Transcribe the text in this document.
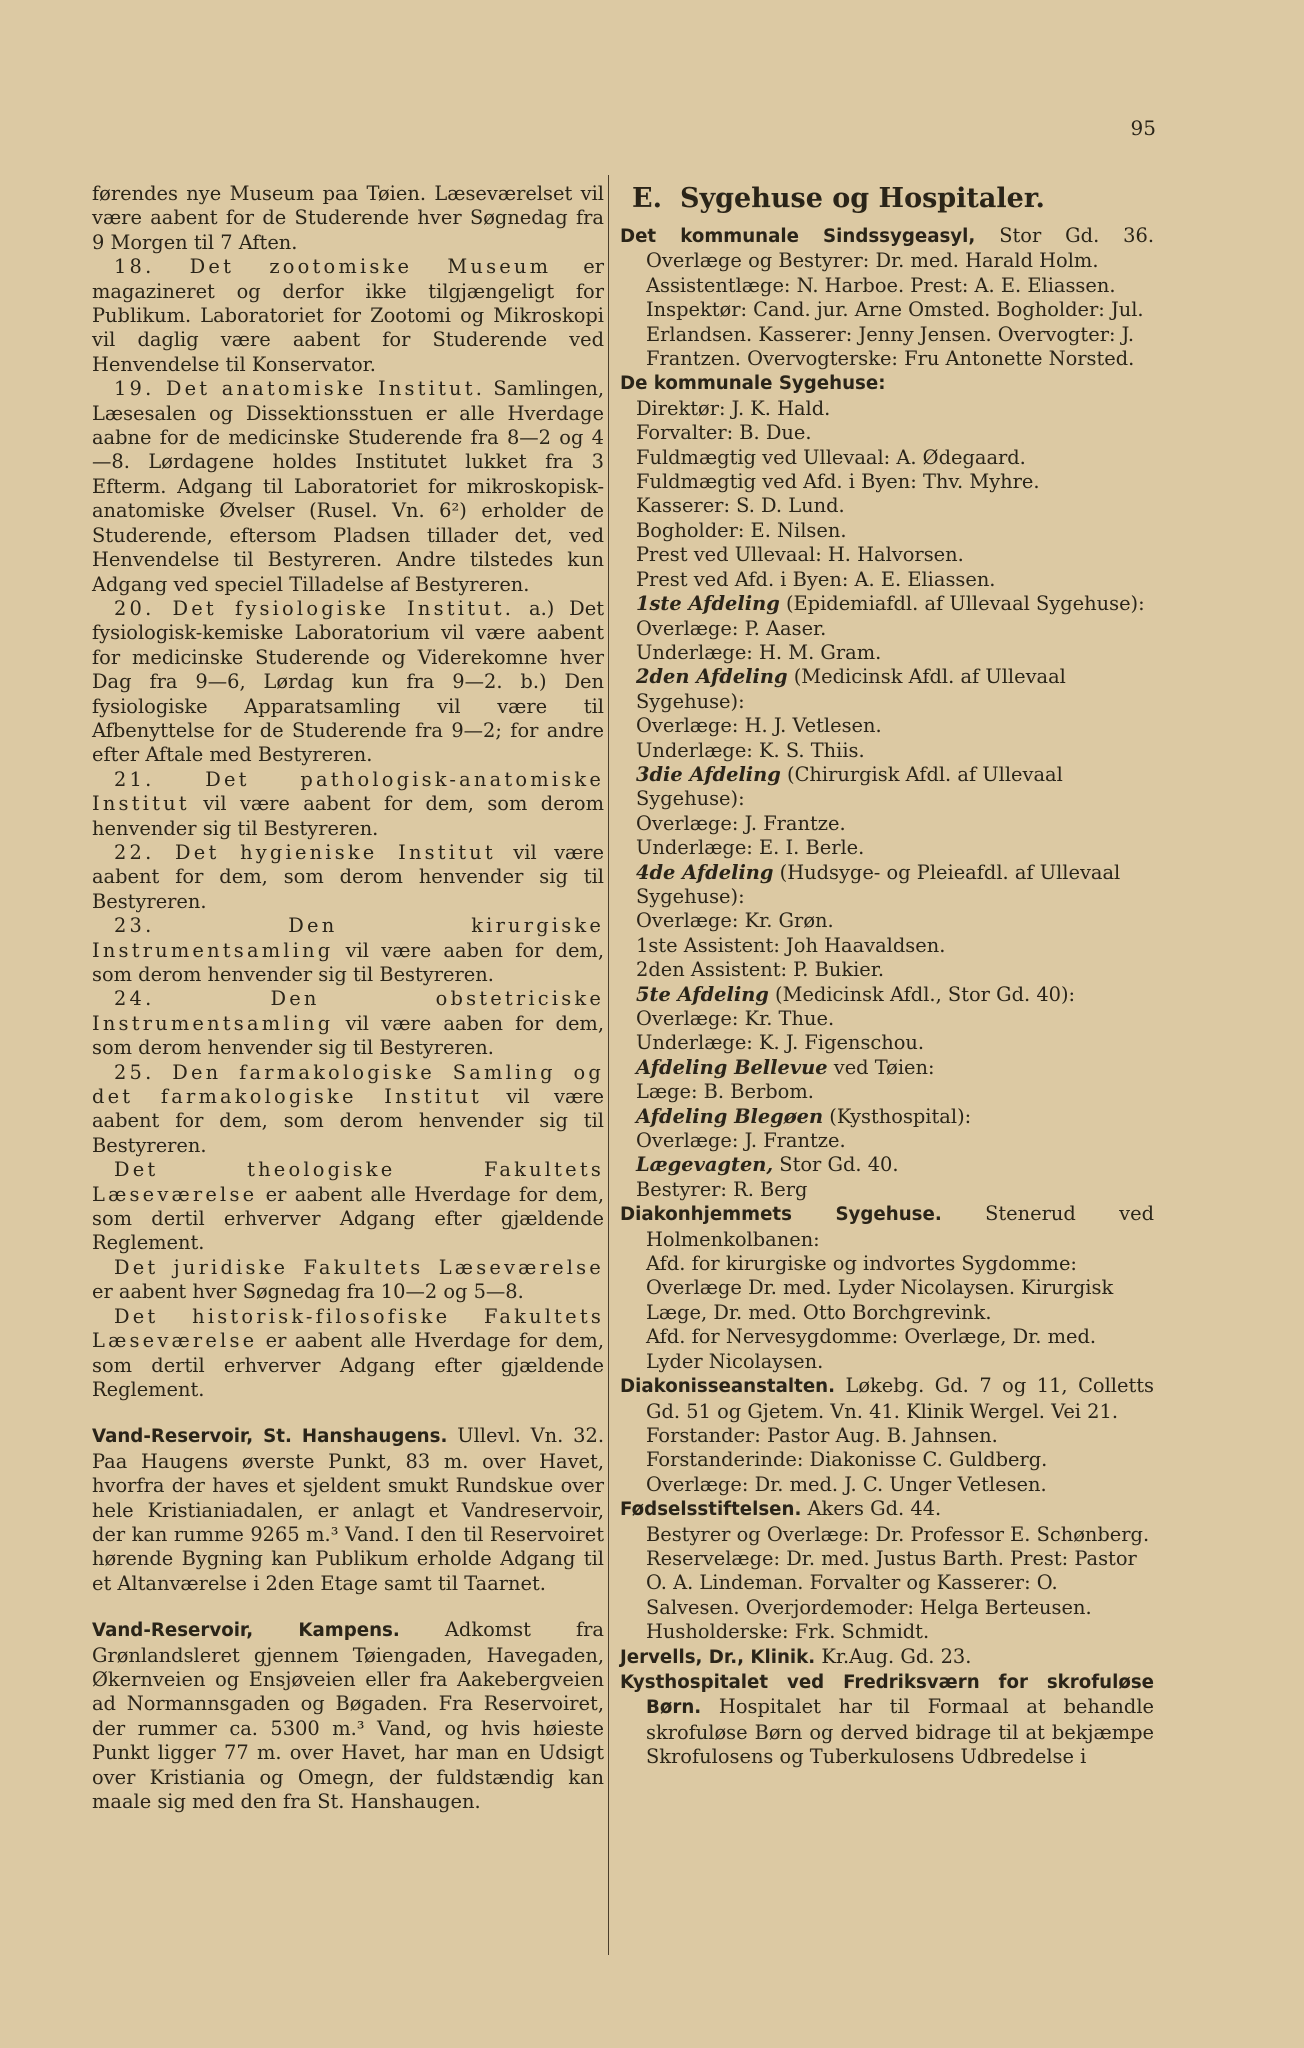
95

førendes nye Museum paa Tøien. Læseværelset vil være aabent for de Studerende hver Søgnedag fra 9 Morgen til 7 Aften.

18. Det zootomiske Museum er magazineret og derfor ikke tilgjængeligt for Publikum. Laboratoriet for Zootomi og Mikroskopi vil daglig være aabent for Studerende ved Henvendelse til Konservator.

19. Det anatomiske Institut. Samlingen, Læsesalen og Dissektionsstuen er alle Hverdage aabne for de medicinske Studerende fra 8—2 og 4—8. Lørdagene holdes Institutet lukket fra 3 Efterm. Adgang til Laboratoriet for mikroskopisk-anatomiske Øvelser (Rusel. Vn. 6²) erholder de Studerende, eftersom Pladsen tillader det, ved Henvendelse til Bestyreren. Andre tilstedes kun Adgang ved speciel Tilladelse af Bestyreren.

20. Det fysiologiske Institut. a.) Det fysiologisk-kemiske Laboratorium vil være aabent for medicinske Studerende og Viderekomne hver Dag fra 9—6, Lørdag kun fra 9—2. b.) Den fysiologiske Apparatsamling vil være til Afbenyttelse for de Studerende fra 9—2; for andre efter Aftale med Bestyreren.

21. Det pathologisk-anatomiske Institut vil være aabent for dem, som derom henvender sig til Bestyreren.

22. Det hygieniske Institut vil være aabent for dem, som derom henvender sig til Bestyreren.

23. Den kirurgiske Instrumentsamling vil være aaben for dem, som derom henvender sig til Bestyreren.

24. Den obstetriciske Instrumentsamling vil være aaben for dem, som derom henvender sig til Bestyreren.

25. Den farmakologiske Samling og det farmakologiske Institut vil være aabent for dem, som derom henvender sig til Bestyreren.

Det theologiske Fakultets Læseværelse er aabent alle Hverdage for dem, som dertil erhverver Adgang efter gjældende Reglement.

Det juridiske Fakultets Læseværelse er aabent hver Søgnedag fra 10—2 og 5—8.

Det historisk-filosofiske Fakultets Læseværelse er aabent alle Hverdage for dem, som dertil erhverver Adgang efter gjældende Reglement.

Vand-Reservoir, St. Hanshaugens. Ullevl. Vn. 32. Paa Haugens øverste Punkt, 83 m. over Havet, hvorfra der haves et sjeldent smukt Rundskue over hele Kristianiadalen, er anlagt et Vandreservoir, der kan rumme 9265 m.³ Vand. I den til Reservoiret hørende Bygning kan Publikum erholde Adgang til et Altanværelse i 2den Etage samt til Taarnet.

Vand-Reservoir, Kampens. Adkomst fra Grønlandsleret gjennem Tøiengaden, Havegaden, Økernveien og Ensjøveien eller fra Aakebergveien ad Normannsgaden og Bøgaden. Fra Reservoiret, der rummer ca. 5300 m.³ Vand, og hvis høieste Punkt ligger 77 m. over Havet, har man en Udsigt over Kristiania og Omegn, der fuldstændig kan maale sig med den fra St. Hanshaugen.

E. Sygehuse og Hospitaler.

Det kommunale Sindssygeasyl, Stor Gd. 36. Overlæge og Bestyrer: Dr. med. Harald Holm.

Assistentlæge: N. Harboe. Prest: A. E. Eliassen. Inspektør: Cand. jur. Arne Omsted. Bogholder: Jul. Erlandsen. Kasserer: Jenny Jensen. Overvogter: J. Frantzen. Overvogterske: Fru Antonette Norsted.

De kommunale Sygehuse:

Direktør: J. K. Hald.
Forvalter: B. Due.
Fuldmægtig ved Ullevaal: A. Ødegaard.
Fuldmægtig ved Afd. i Byen: Thv. Myhre.
Kasserer: S. D. Lund.
Bogholder: E. Nilsen.
Prest ved Ullevaal: H. Halvorsen.
Prest ved Afd. i Byen: A. E. Eliassen.

1ste Afdeling (Epidemiafdl. af Ullevaal Sygehuse):

Overlæge: P. Aaser.
Underlæge: H. M. Gram.

2den Afdeling (Medicinsk Afdl. af Ullevaal Sygehuse):

Overlæge: H. J. Vetlesen.
Underlæge: K. S. Thiis.

3die Afdeling (Chirurgisk Afdl. af Ullevaal Sygehuse):

Overlæge: J. Frantze.
Underlæge: E. I. Berle.

4de Afdeling (Hudsyge- og Pleieafdl. af Ullevaal Sygehuse):

Overlæge: Kr. Grøn.
1ste Assistent: Joh Haavaldsen.
2den Assistent: P. Bukier.

5te Afdeling (Medicinsk Afdl., Stor Gd. 40):

Overlæge: Kr. Thue.
Underlæge: K. J. Figenschou.

Afdeling Bellevue ved Tøien:

Læge: B. Berbom.

Afdeling Blegøen (Kysthospital):

Overlæge: J. Frantze.

Lægevagten, Stor Gd. 40.

Bestyrer: R. Berg

Diakonhjemmets Sygehuse. Stenerud ved Holmenkolbanen:

Afd. for kirurgiske og indvortes Sygdomme: Overlæge Dr. med. Lyder Nicolaysen. Kirurgisk Læge, Dr. med. Otto Borchgrevink.

Afd. for Nervesygdomme: Overlæge, Dr. med. Lyder Nicolaysen.

Diakonisseanstalten. Løkebg. Gd. 7 og 11, Colletts Gd. 51 og Gjetem. Vn. 41. Klinik Wergel. Vei 21.

Forstander: Pastor Aug. B. Jahnsen. Forstanderinde: Diakonisse C. Guldberg. Overlæge: Dr. med. J. C. Unger Vetlesen.

Fødselsstiftelsen. Akers Gd. 44.

Bestyrer og Overlæge: Dr. Professor E. Schønberg. Reservelæge: Dr. med. Justus Barth. Prest: Pastor O. A. Lindeman. Forvalter og Kasserer: O. Salvesen. Overjordemoder: Helga Berteusen. Husholderske: Frk. Schmidt.

Jervells, Dr., Klinik. Kr.Aug. Gd. 23.

Kysthospitalet ved Fredriksværn for skrofuløse Børn. Hospitalet har til Formaal at behandle skrofuløse Børn og derved bidrage til at bekjæmpe Skrofulosens og Tuberkulosens Udbredelse i
